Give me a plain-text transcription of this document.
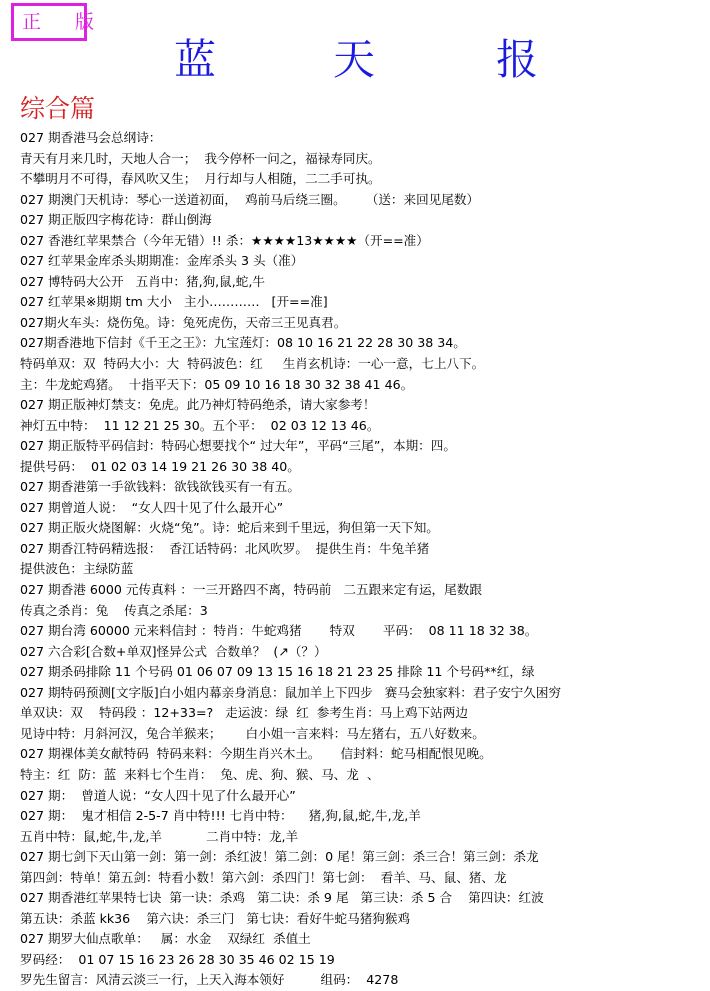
正 版
蓝	天	报
综合篇
027 期香港马会总纲诗：
青天有月来几时，天地人合一；  我今停杯一问之，福禄寿同庆。
不攀明月不可得，春风吹又生；  月行却与人相随，二二手可执。
027 期澳门天机诗：琴心一送道初面，  鸡前马后绕三圈。     （送：来回见尾数）
027 期正版四字梅花诗：群山倒海
027 香港红苹果禁合（今年无错）!! 杀：★★★★13★★★★（开==准）
027 红苹果金库杀头期期准：金库杀头 3 头（准）
027 博特码大公开   五肖中：猪,狗,鼠,蛇,牛
027 红苹果※期期 tm 大小   主小…………   [开==准]
027期火车头：烧伤兔。诗：兔死虎伤，天帝三王见真君。
027期香港地下信封《千王之王》：九宝莲灯：08 10 16 21 22 28 30 38 34。
特码单双：双  特码大小：大  特码波色：红     生肖玄机诗：一心一意，七上八下。
主：牛龙蛇鸡猪。  十指平天下：05 09 10 16 18 30 32 38 41 46。
027 期正版神灯禁支：免虎。此乃神灯特码绝杀，请大家参考！
神灯五中特：  11 12 21 25 30。五个平：  02 03 12 13 46。
027 期正版特平码信封：特码心想要找个“ 过大年”，平码“三尾”，本期：四。
提供号码：  01 02 03 14 19 21 26 30 38 40。
027 期香港第一手欲钱料：欲钱欲钱买有一有五。
027 期曾道人说：  “女人四十见了什么最开心”
027 期正版火烧图解：火烧“兔”。诗：蛇后来到千里远，狗但第一天下知。
027 期香江特码精选报：  香江话特码：北风吹罗。  提供生肖：牛兔羊猪
提供波色：主绿防蓝
027 期香港 6000 元传真料 ：一三开路四不离，特码前   二五跟来定有运，尾数跟
传真之杀肖：兔    传真之杀尾：3
027 期台湾 60000 元来料信封 ：特肖：牛蛇鸡猪       特双       平码：  08 11 18 32 38。
027 六合彩[合数+单双]怪异公式  合数单？  (↗（？）
027 期杀码排除 11 个号码 01 06 07 09 13 15 16 18 21 23 25 排除 11 个号码**红，绿
027 期特码预测[文字版]白小姐内幕亲身消息：鼠加羊上下四步   赛马会独家料：君子安宁久困穷
单双诀：双    特码段 ：12+33=?   走运波：绿  红  参考生肖：马上鸡下站两边
见诗中特：月斜河汉，兔合羊猴来；      白小姐一言来料：马左猪右，五八好数来。
027 期裸体美女献特码  特码来料：今期生肖兴木土。     信封料：蛇马相配恨见晚。
特主：红  防：蓝  来料七个生肖：  兔、虎、狗、猴、马、龙  、
027 期：  曾道人说：“女人四十见了什么最开心”
027 期：  鬼才相信 2-5-7 肖中特!!! 七肖中特：    猪,狗,鼠,蛇,牛,龙,羊
五肖中特：鼠,蛇,牛,龙,羊           二肖中特：龙,羊
027 期七剑下天山第一剑：第一剑：杀红波！第二剑：0 尾！第三剑：杀三合！第三剑：杀龙
第四剑：特单！第五剑：特看小数！第六剑：杀四门！第七剑：  看羊、马、鼠、猪、龙
027 期香港红苹果特七诀  第一诀：杀鸡   第二诀：杀 9 尾   第三诀：杀 5 合    第四诀：红波
第五诀：杀蓝 kk36    第六诀：杀三门   第七诀：看好牛蛇马猪狗猴鸡
027 期罗大仙点歌单：   属：水金    双绿红  杀值土
罗码经：  01 07 15 16 23 26 28 30 35 46 02 15 19
罗先生留言：风清云淡三一行，上天入海本领好         组码：  4278
